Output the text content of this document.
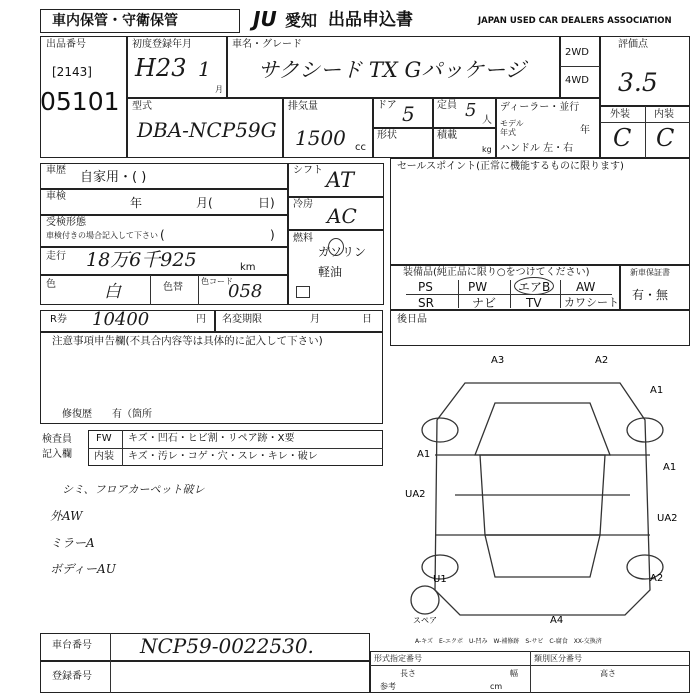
車内保管・守衛保管	JU 愛知 出品申込書	JAPAN USED CAR DEALERS ASSOCIATION
出品番号
[2143]
05101
初度登録年月
H23 1
月
車名・グレード
サクシード TX Gパッケージ
2WD
4WD
評価点
3.5
外装 内装
C C
型式
DBA-NCP59G
排気量
1500 cc
ドア 5 定員 5 人
ディーラー・並行
モデル年式	年
ハンドル 左・右
形状	積載
kg
車歴 自家用・( )
車検	年	月(	日)
受検形態
車検付きの場合記入して下さい (	)
走行 18万6千925	km
色	白	色替
色コード
058
シフト AT
冷房 AC
燃料
ガソリン
軽油
セールスポイント(正常に機能するものに限ります)
装備品(純正品に限り○をつけてください)
PS	PW	エアB AW
SR	ナビ TV カワシート
新車保証書
有・無
R券 10400	円 名変期限	月	日	後日品
注意事項申告欄(不具合内容等は具体的に記入して下さい)
修復歴　　有（箇所
検査員
記入欄
FW キズ・凹石・ヒビ割・リペア跡・X要
内装 キズ・汚レ・コゲ・穴・スレ・キレ・破レ
シミ、フロアカーペット破レ
外AW
ミラーA
ボディーAU
A3	A2
A1
A1
A1
UA2
UA2
U1	A2
A4
スペア
A-キズ　E-エクボ　U-凹み　W-補修跡　S-サビ　C-腐食　XX-交換済
車台番号 NCP59-0022530.
登録番号
形式指定番号	類別区分番号
長さ	幅
参考
高さ
cm
